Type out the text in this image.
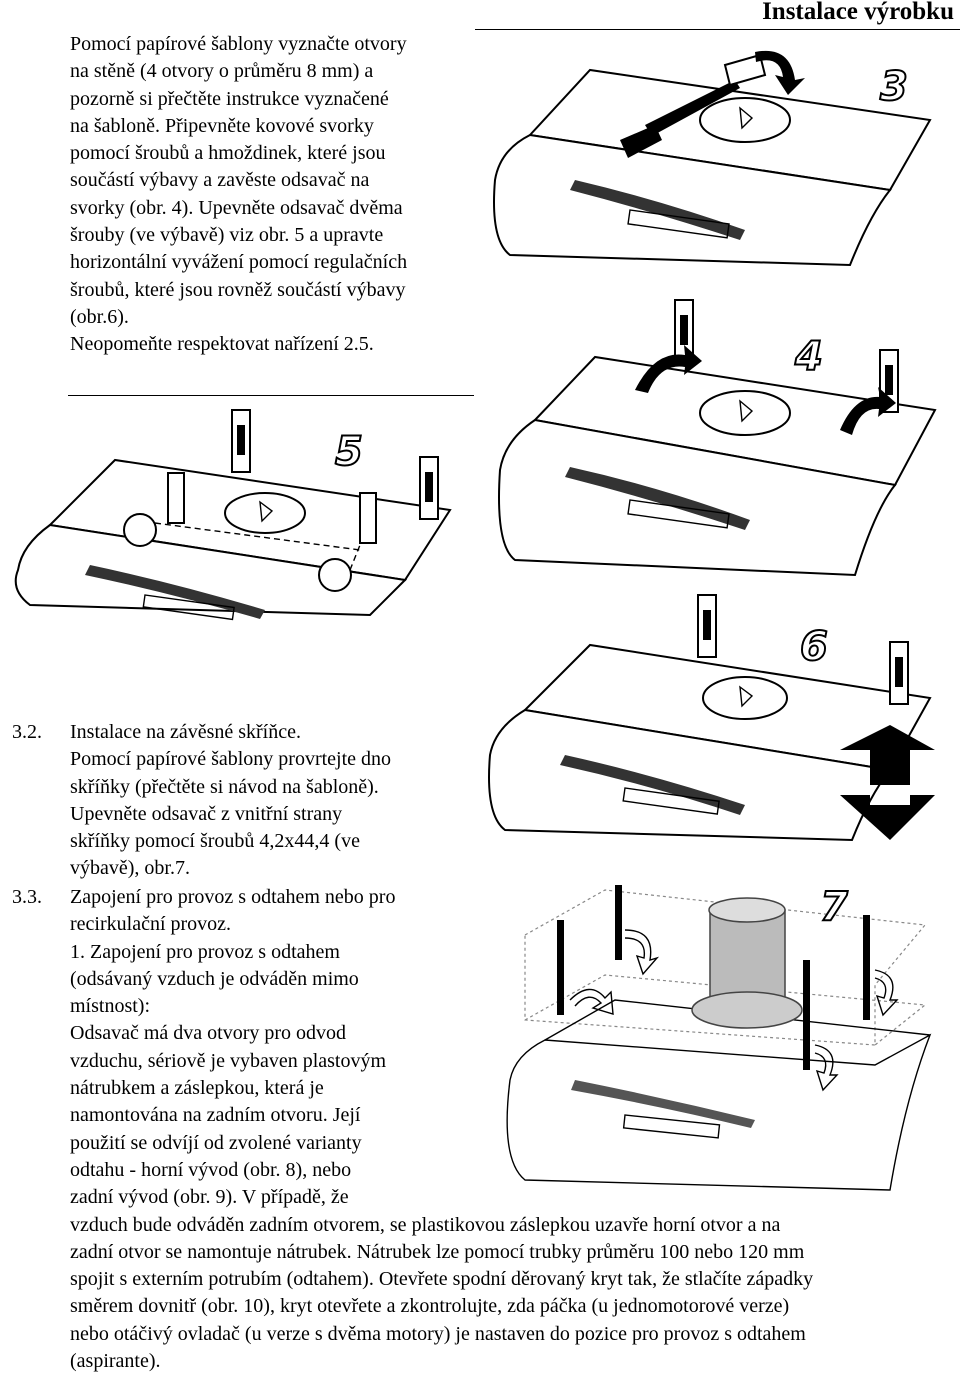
Instalace výrobku
Pomocí papírové šablony vyznačte otvory
na stěně (4 otvory o průměru 8 mm) a
pozorně si přečtěte instrukce vyznačené
na šabloně. Připevněte kovové svorky
pomocí šroubů a hmoždinek, které jsou
součástí výbavy a zavěste odsavač na
svorky (obr. 4). Upevněte odsavač dvěma
šrouby (ve výbavě) viz obr. 5 a upravte
horizontální vyvážení pomocí regulačních
šroubů, které jsou rovněž součástí výbavy
(obr.6).
Neopomeňte respektovat nařízení 2.5.
3
4
5
6
3.2. Instalace na závěsné skříňce.
Pomocí papírové šablony provrtejte dno
skříňky (přečtěte si návod na šabloně).
Upevněte odsavač z vnitřní strany
skříňky pomocí šroubů 4,2x44,4 (ve
výbavě), obr.7.
7
3.3. Zapojení pro provoz s odtahem nebo pro
recirkulační provoz.
1. Zapojení pro provoz s odtahem
(odsávaný vzduch je odváděn mimo
místnost):
Odsavač má dva otvory pro odvod
vzduchu, sériově je vybaven plastovým
nátrubkem a záslepkou, která je
namontována na zadním otvoru. Její
použití se odvíjí od zvolené varianty
odtahu - horní vývod (obr. 8), nebo
zadní vývod (obr. 9). V případě, že
vzduch bude odváděn zadním otvorem, se plastikovou záslepkou uzavře horní otvor a na
zadní otvor se namontuje nátrubek. Nátrubek lze pomocí trubky průměru 100 nebo 120 mm
spojit s externím potrubím (odtahem). Otevřete spodní děrovaný kryt tak, že stlačíte západky
směrem dovnitř (obr. 10), kryt otevřete a zkontrolujte, zda páčka (u jednomotorové verze)
nebo otáčivý ovladač (u verze s dvěma motory) je nastaven do pozice pro provoz s odtahem
(aspirante).
